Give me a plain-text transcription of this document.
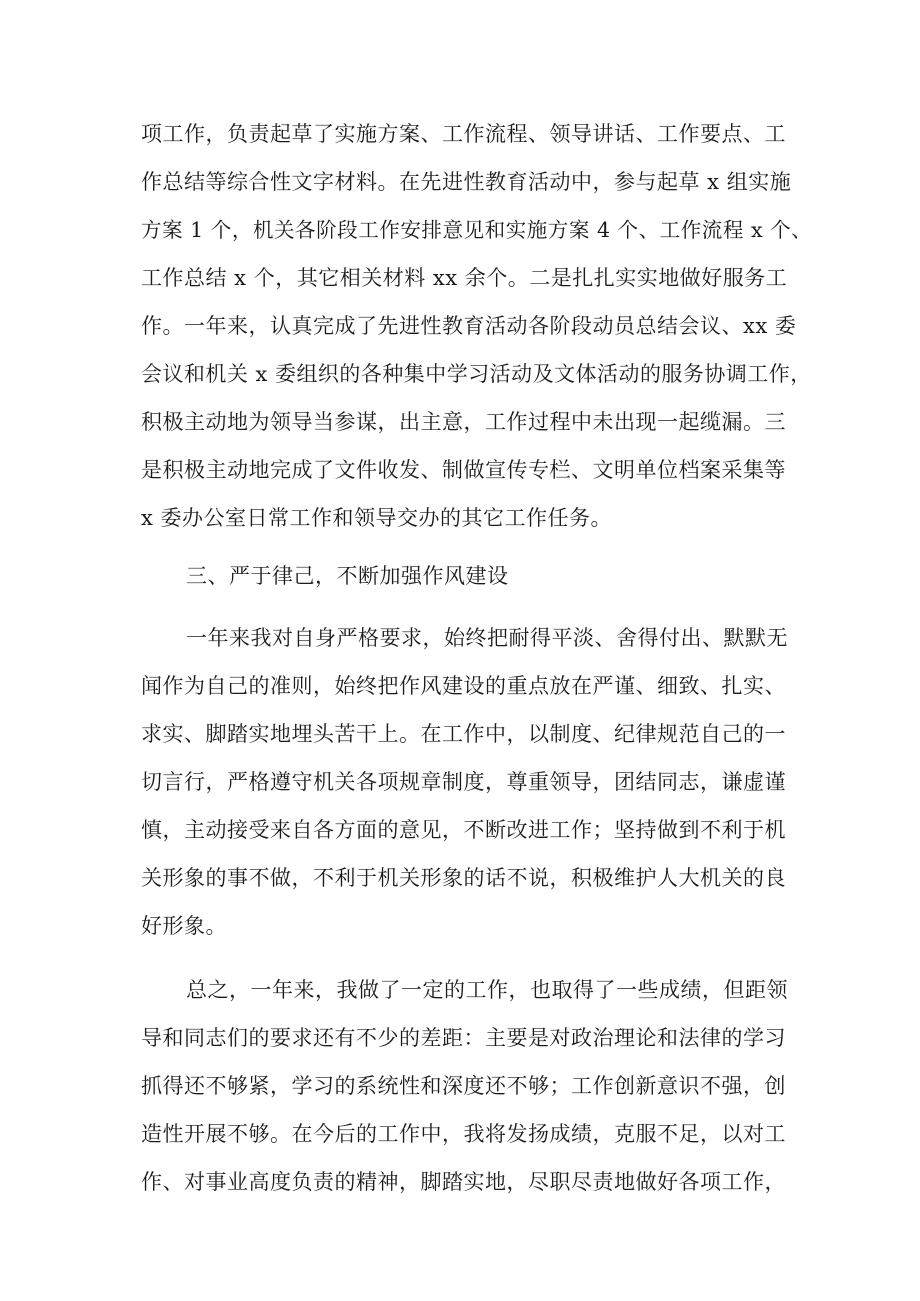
项工作，负责起草了实施方案、工作流程、领导讲话、工作要点、工
作总结等综合性文字材料。在先进性教育活动中，参与起草 x 组实施
方案 1 个，机关各阶段工作安排意见和实施方案 4 个、工作流程 x 个、
工作总结 x 个，其它相关材料 xx 余个。二是扎扎实实地做好服务工
作。一年来，认真完成了先进性教育活动各阶段动员总结会议、xx 委
会议和机关 x 委组织的各种集中学习活动及文体活动的服务协调工作，
积极主动地为领导当参谋，出主意，工作过程中未出现一起缆漏。三
是积极主动地完成了文件收发、制做宣传专栏、文明单位档案采集等
x 委办公室日常工作和领导交办的其它工作任务。
三、严于律己，不断加强作风建设
一年来我对自身严格要求，始终把耐得平淡、舍得付出、默默无
闻作为自己的准则，始终把作风建设的重点放在严谨、细致、扎实、
求实、脚踏实地埋头苦干上。在工作中，以制度、纪律规范自己的一
切言行，严格遵守机关各项规章制度，尊重领导，团结同志，谦虚谨
慎，主动接受来自各方面的意见，不断改进工作；坚持做到不利于机
关形象的事不做，不利于机关形象的话不说，积极维护人大机关的良
好形象。
总之，一年来，我做了一定的工作，也取得了一些成绩，但距领
导和同志们的要求还有不少的差距：主要是对政治理论和法律的学习
抓得还不够紧，学习的系统性和深度还不够；工作创新意识不强，创
造性开展不够。在今后的工作中，我将发扬成绩，克服不足，以对工
作、对事业高度负责的精神，脚踏实地，尽职尽责地做好各项工作，
